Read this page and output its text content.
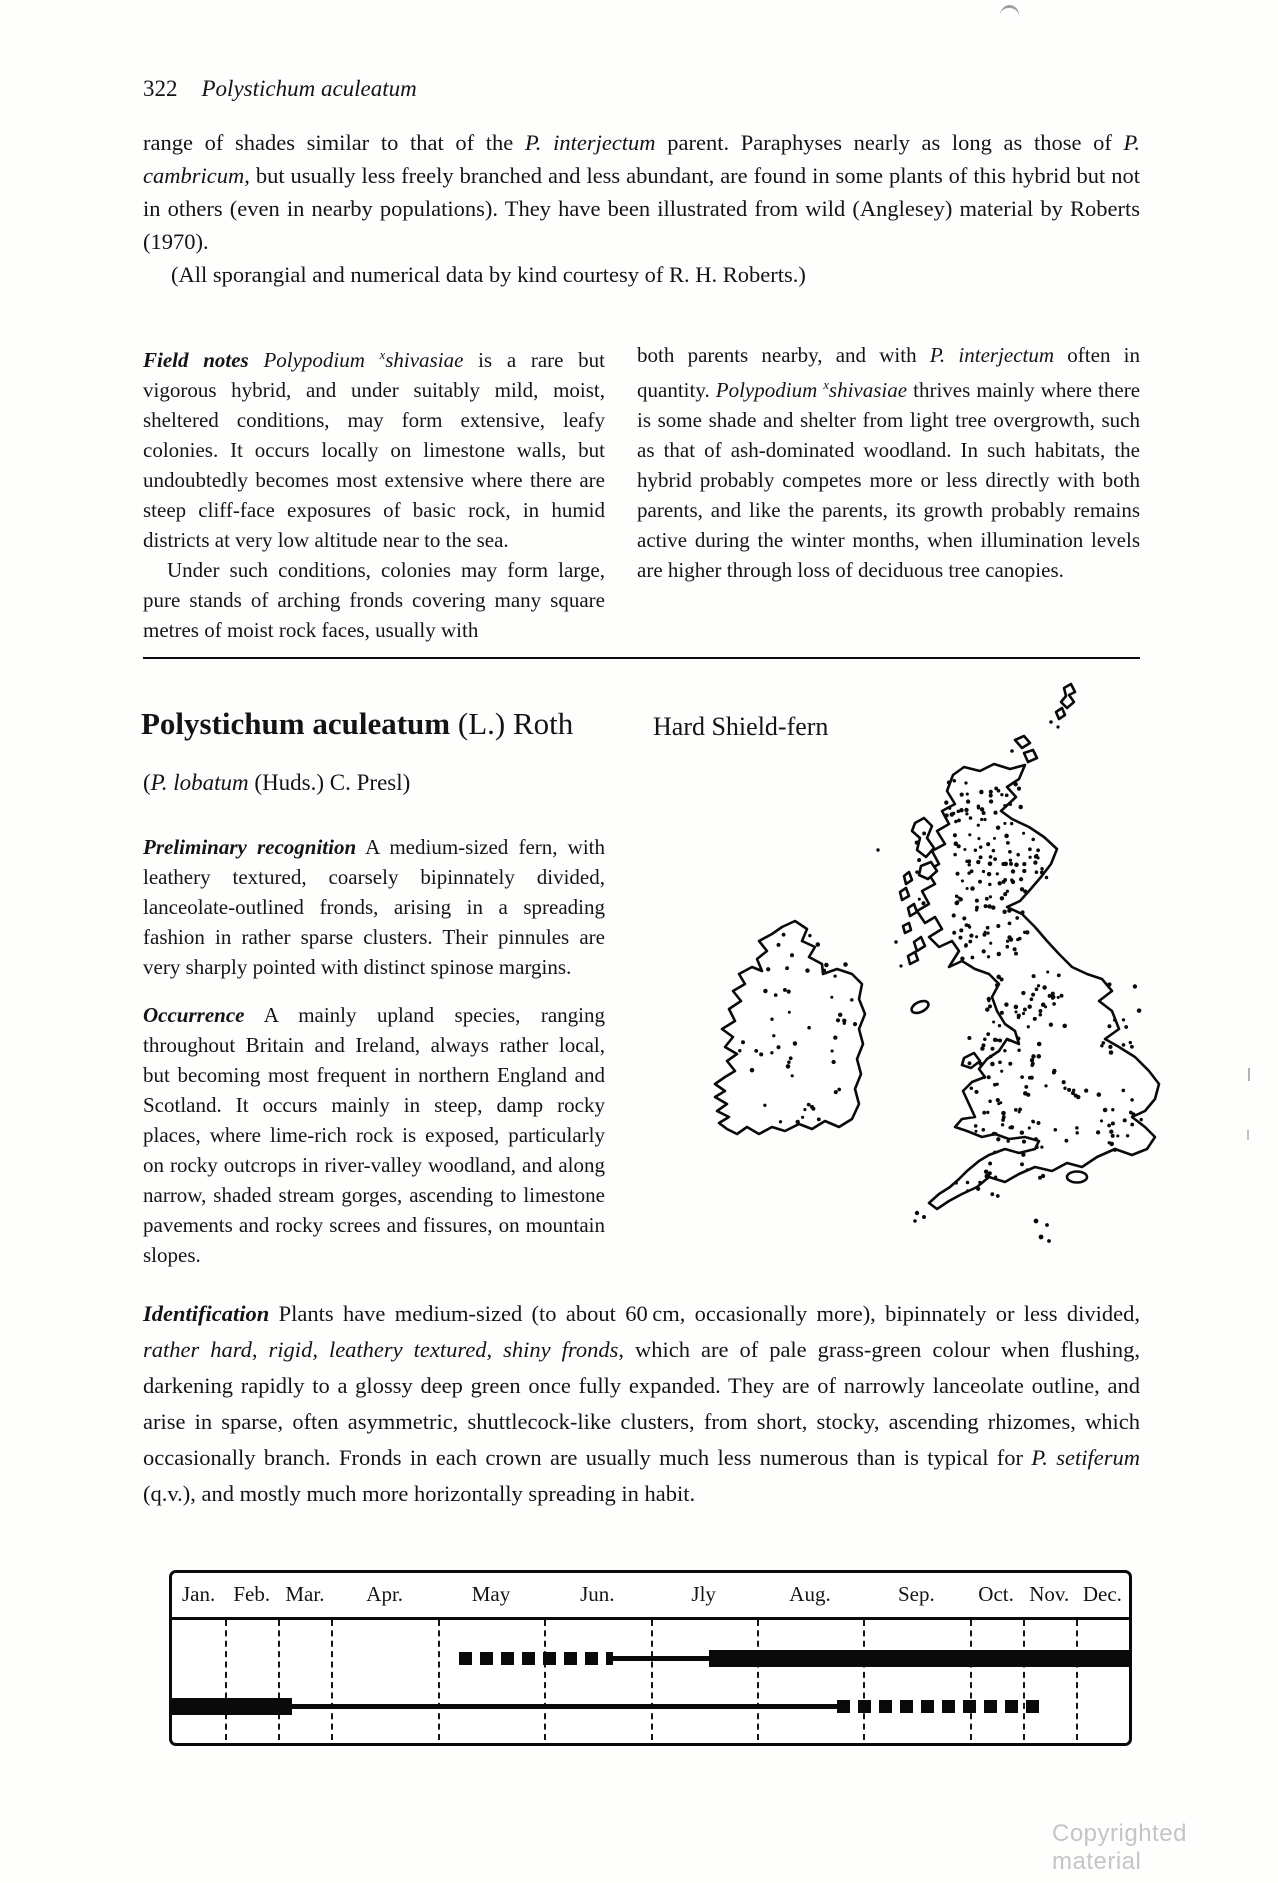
322 Polystichum aculeatum

range of shades similar to that of the P. interjectum parent. Paraphyses nearly as long as those of P. cambricum, but usually less freely branched and less abundant, are found in some plants of this hybrid but not in others (even in nearby populations). They have been illustrated from wild (Anglesey) material by Roberts (1970).

(All sporangial and numerical data by kind courtesy of R. H. Roberts.)

Field notes Polypodium $^x$shivasiae is a rare but vigorous hybrid, and under suitably mild, moist, sheltered conditions, may form extensive, leafy colonies. It occurs locally on limestone walls, but undoubtedly becomes most extensive where there are steep cliff-face exposures of basic rock, in humid districts at very low altitude near to the sea.

Under such conditions, colonies may form large, pure stands of arching fronds covering many square metres of moist rock faces, usually with

both parents nearby, and with P. interjectum often in quantity. Polypodium $^x$shivasiae thrives mainly where there is some shade and shelter from light tree overgrowth, such as that of ash-dominated woodland. In such habitats, the hybrid probably competes more or less directly with both parents, and like the parents, its growth probably remains active during the winter months, when illumination levels are higher through loss of deciduous tree canopies.

Polystichum aculeatum (L.) Roth	Hard Shield-fern
(P. lobatum (Huds.) C. Presl)

Preliminary recognition A medium-sized fern, with leathery textured, coarsely bipinnately divided, lanceolate-outlined fronds, arising in a spreading fashion in rather sparse clusters. Their pinnules are very sharply pointed with distinct spinose margins.

Occurrence A mainly upland species, ranging throughout Britain and Ireland, always rather local, but becoming most frequent in northern England and Scotland. It occurs mainly in steep, damp rocky places, where lime-rich rock is exposed, particularly on rocky outcrops in river-valley woodland, and along narrow, shaded stream gorges, ascending to limestone pavements and rocky screes and fissures, on mountain slopes.

Identification Plants have medium-sized (to about 60 cm, occasionally more), bipinnately or less divided, rather hard, rigid, leathery textured, shiny fronds, which are of pale grass-green colour when flushing, darkening rapidly to a glossy deep green once fully expanded. They are of narrowly lanceolate outline, and arise in sparse, often asymmetric, shuttlecock-like clusters, from short, stocky, ascending rhizomes, which occasionally branch. Fronds in each crown are usually much less numerous than is typical for P. setiferum (q.v.), and mostly much more horizontally spreading in habit.
Jan. Feb. Mar. Apr.	May	Jun.	Jly	Aug.	Sep. Oct. Nov. Dec.
Copyrighted material
